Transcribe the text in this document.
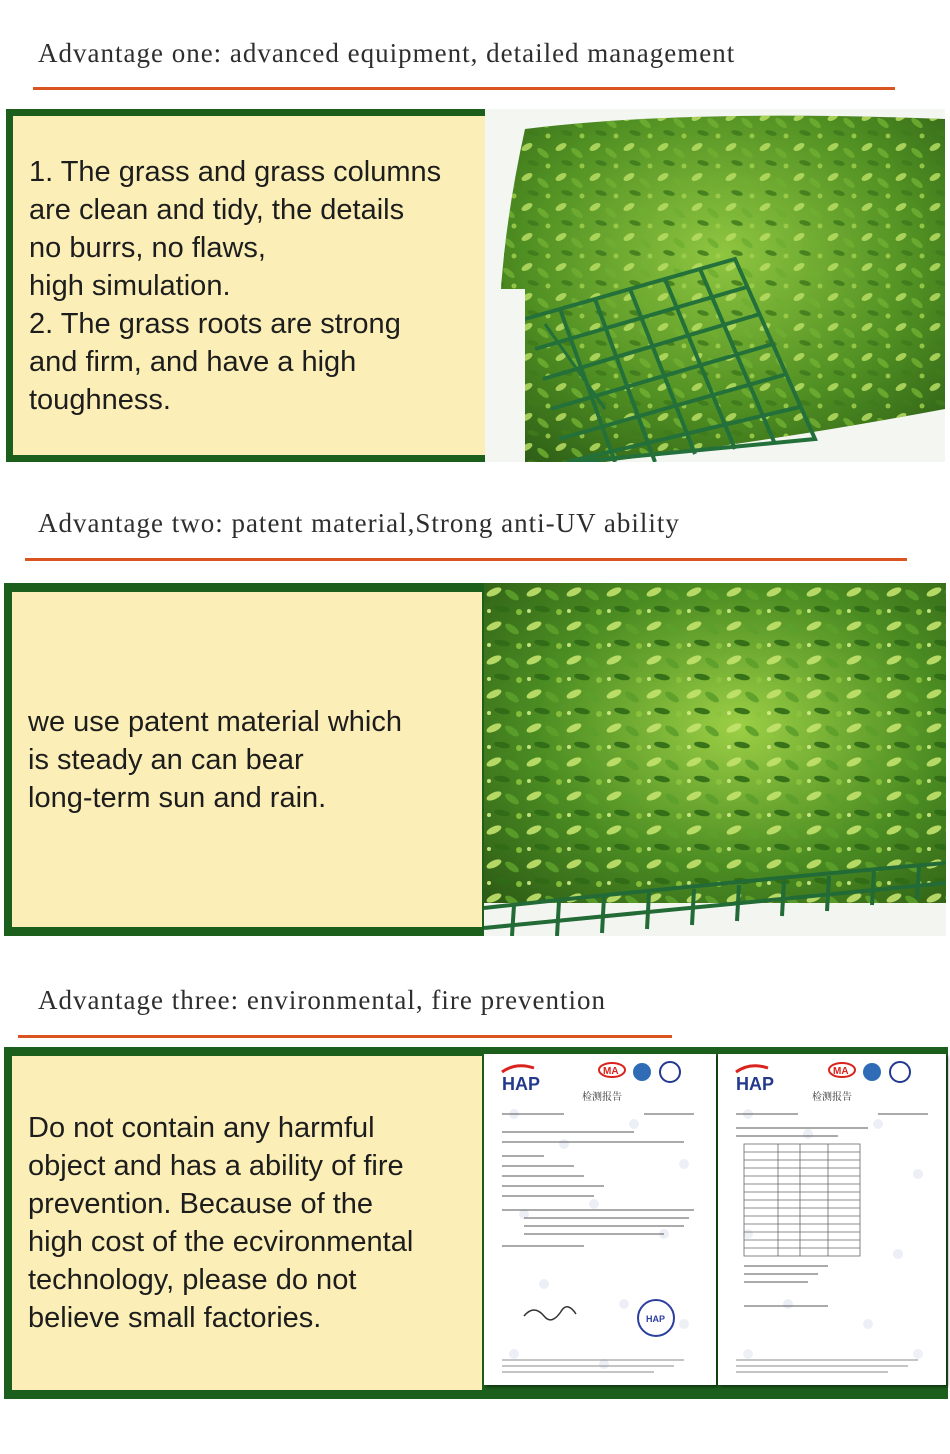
Advantage one: advanced equipment, detailed management

1. The grass and grass columns
are clean and tidy, the details
no burrs, no flaws,
high simulation.
2. The grass roots are strong
and firm, and have a high
toughness.

Advantage two: patent material,Strong anti-UV ability

we use patent material which
is steady an can bear
long-term sun and rain.

Advantage three: environmental, fire prevention

Do not contain any harmful
object and has a ability of fire
prevention. Because of the
high cost of the ecvironmental
technology, please do not
believe small factories.

HAP
MA
检测报告
HAP
HAP
MA
检测报告
